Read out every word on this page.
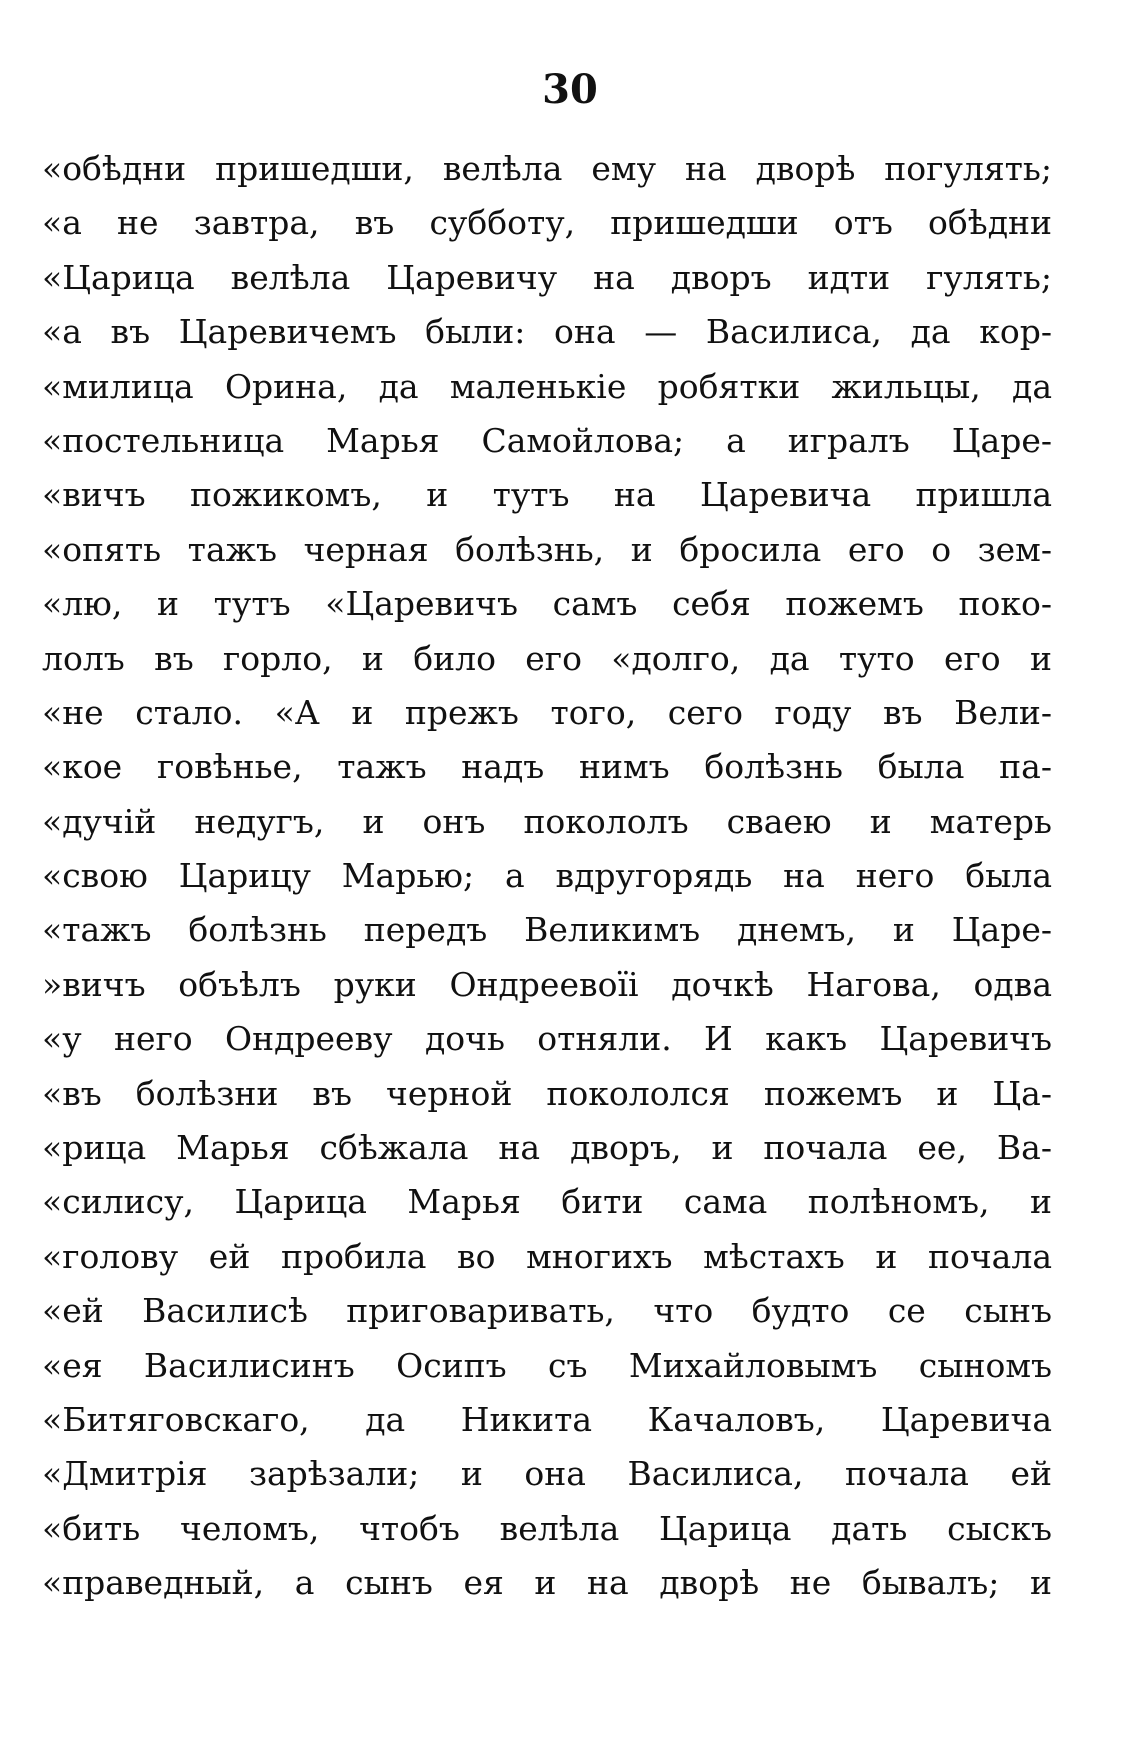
30
«обѣдни пришедши, велѣла ему на дворѣ погулять;
«а не завтра, въ субботу, пришедши отъ обѣдни
«Царица велѣла Царевичу на дворъ идти гулять;
«а въ Царевичемъ были: она — Василиса, да кор-
«милица Орина, да маленькіе робятки жильцы, да
«постельница Марья Самойлова; а игралъ Царе-
«вичъ пожикомъ, и тутъ на Царевича пришла
«опять тажъ черная болѣзнь, и бросила его о зем-
«лю, и тутъ «Царевичъ самъ себя пожемъ поко-
лолъ въ горло, и било его «долго, да туто его и
«не стало. «А и прежъ того, сего году въ Вели-
«кое говѣнье, тажъ надъ нимъ болѣзнь была па-
«дучій недугъ, и онъ покололъ сваею и матерь
«свою Царицу Марью; а вдругорядь на него была
«тажъ болѣзнь передъ Великимъ днемъ, и Царе-
»вичъ объѣлъ руки Ондреевоїі дочкѣ Нагова, одва
«у него Ондрееву дочь отняли. И какъ Царевичъ
«въ болѣзни въ черной покололся пожемъ и Ца-
«рица Марья сбѣжала на дворъ, и почала ее, Ва-
«силису, Царица Марья бити сама полѣномъ, и
«голову ей пробила во многихъ мѣстахъ и почала
«ей Василисѣ приговаривать, что будто се сынъ
«ея Василисинъ Осипъ съ Михайловымъ сыномъ
«Битяговскаго, да Никита Качаловъ, Царевича
«Дмитрія зарѣзали; и она Василиса, почала ей
«бить челомъ, чтобъ велѣла Царица дать сыскъ
«праведный, а сынъ ея и на дворѣ не бывалъ; и
